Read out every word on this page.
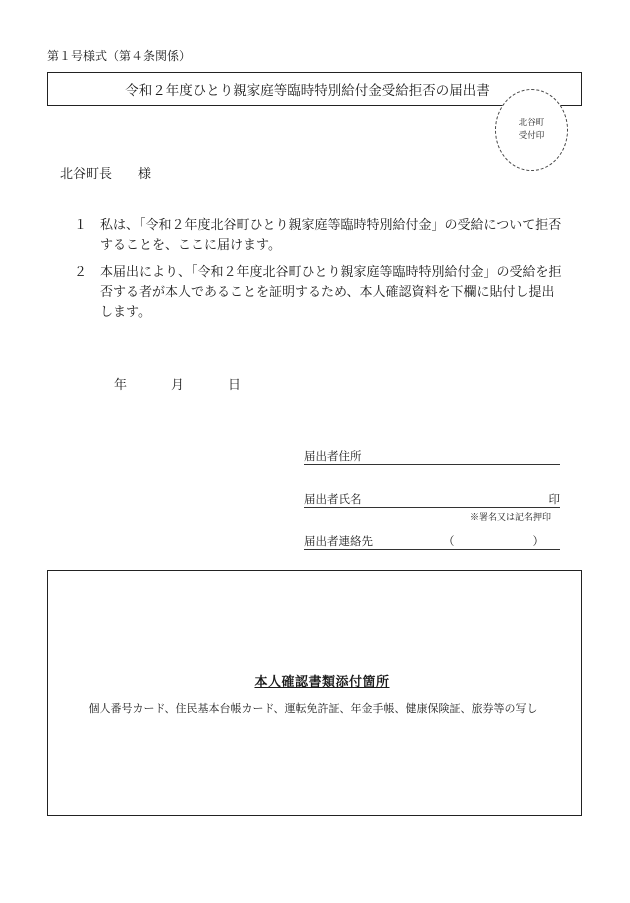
第１号様式（第４条関係）
令和２年度ひとり親家庭等臨時特別給付金受給拒否の届出書
北谷町
受付印
北谷町長 様
１ 私は、「令和２年度北谷町ひとり親家庭等臨時特別給付金」の受給について拒否することを、ここに届けます。
２ 本届出により、「令和２年度北谷町ひとり親家庭等臨時特別給付金」の受給を拒否する者が本人であることを証明するため、本人確認資料を下欄に貼付し提出します。
年	月	日
届出者住所
届出者氏名	印
※署名又は記名押印
届出者連絡先	（	）
本人確認書類添付箇所
個人番号カード、住民基本台帳カード、運転免許証、年金手帳、健康保険証、旅券等の写し
